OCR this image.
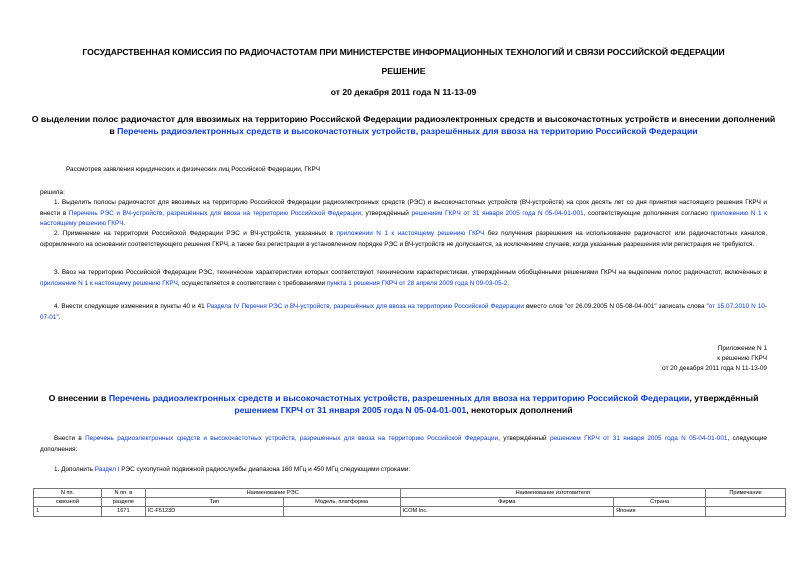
ГОСУДАРСТВЕННАЯ КОМИССИЯ ПО РАДИОЧАСТОТАМ ПРИ МИНИСТЕРСТВЕ ИНФОРМАЦИОННЫХ ТЕХНОЛОГИЙ И СВЯЗИ РОССИЙСКОЙ ФЕДЕРАЦИИ
РЕШЕНИЕ
от 20 декабря 2011 года N 11-13-09
О выделении полос радиочастот для ввозимых на территорию Российской Федерации радиоэлектронных средств и высокочастотных устройств и внесении дополнений в Перечень радиоэлектронных средств и высокочастотных устройств, разрешённых для ввоза на территорию Российской Федерации
Рассмотрев заявления юридических и физических лиц Российской Федерации, ГКРЧ
решила:
1. Выделить полосы радиочастот для ввозимых на территорию Российской Федерации радиоэлектронных средств (РЭС) и высокочастотных устройств (ВЧ-устройств) на срок десять лет со дня принятия настоящего решения ГКРЧ и внести в Перечень РЭС и ВЧ-устройств, разрешённых для ввоза на территорию Российской Федерации, утверждённый решением ГКРЧ от 31 января 2005 года N 05-04-01-001, соответствующие дополнения согласно приложению N 1 к настоящему решению ГКРЧ.
2. Применение на территории Российской Федерации РЭС и ВЧ-устройств, указанных в приложении N 1 к настоящему решению ГКРЧ без получения разрешения на использование радиочастот или радиочастотных каналов, оформленного на основании соответствующего решения ГКРЧ, а также без регистрации в установленном порядке РЭС и ВЧ-устройств не допускается, за исключением случаев, когда указанные разрешения или регистрация не требуются.
3. Ввоз на территорию Российской Федерации РЭС, технические характеристики которых соответствуют техническим характеристикам, утверждённым обобщёнными решениями ГКРЧ на выделение полос радиочастот, включённых в приложение N 1 к настоящему решению ГКРЧ, осуществляется в соответствии с требованиями пункта 1 решения ГКРЧ от 28 апреля 2009 года N 09-03-05-2.
4. Внести следующие изменения в пункты 40 и 41 Раздела IV Перечня РЭС и ВЧ-устройств, разрешённых для ввоза на территорию Российской Федерации вместо слов "от 26.09.2005 N 05-08-04-001" записать слова "от 15.07.2010 N 10-07-01".
Приложение N 1
к решению ГКРЧ
от 20 декабря 2011 года N 11-13-09
О внесении в Перечень радиоэлектронных средств и высокочастотных устройств, разрешенных для ввоза на территорию Российской Федерации, утверждённый решением ГКРЧ от 31 января 2005 года N 05-04-01-001, некоторых дополнений
Внести в Перечень радиоэлектронных средств и высокочастотных устройств, разрешенных для ввоза на территорию Российской Федерации, утверждённый решением ГКРЧ от 31 января 2005 года N 05-04-01-001, следующие дополнения:
1. Дополнить Раздел I РЭС сухопутной подвижной радиослужбы диапазона 160 МГц и 450 МГц следующими строками:
N пп.	N пп. в	Наименование РЭС		Наименование изготовителя		Примечание
сквозной	разделе	Тип	Модель, платформа	Фирма	Страна	
1	1671	IC-F5123D		ICOM Inc.	Япония	
